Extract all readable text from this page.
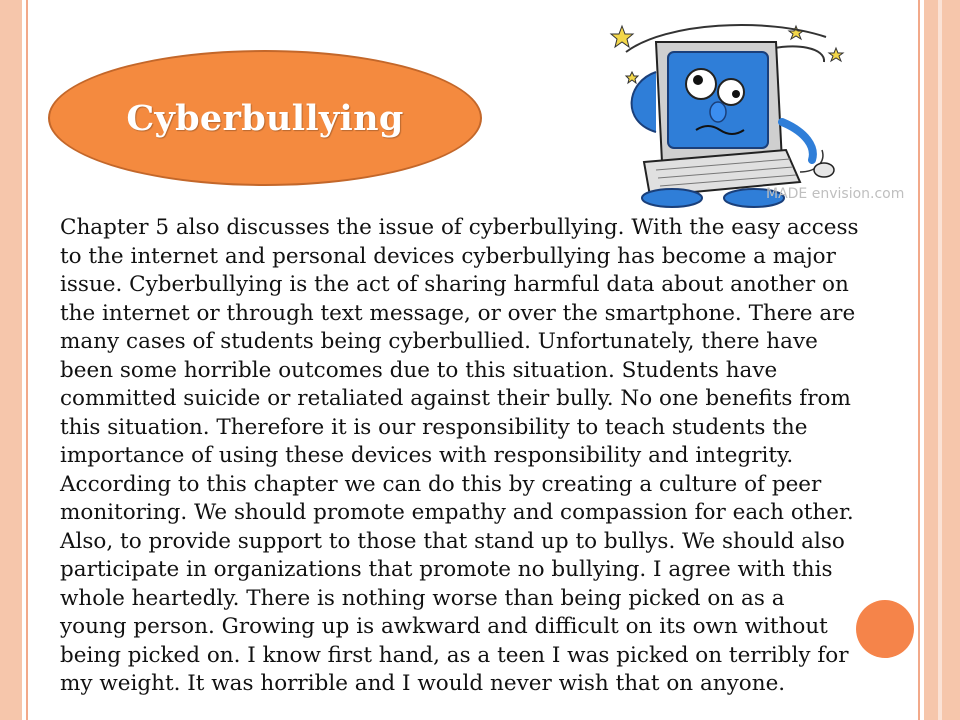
Cyberbullying
MADE envision.com
Chapter 5 also discusses the issue of cyberbullying. With the easy access
to the internet and personal devices cyberbullying has become a major
issue. Cyberbullying is the act of sharing harmful data about another on
the internet or through text message, or over the smartphone. There are
many cases of students being cyberbullied. Unfortunately, there have
been some horrible outcomes due to this situation. Students have
committed suicide or retaliated against their bully. No one benefits from
this situation. Therefore it is our responsibility to teach students the
importance of using these devices with responsibility and integrity.
According to this chapter we can do this by creating a culture of peer
monitoring. We should promote empathy and compassion for each other.
Also, to provide support to those that stand up to bullys. We should also
participate in organizations that promote no bullying. I agree with this
whole heartedly. There is nothing worse than being picked on as a
young person. Growing up is awkward and difficult on its own without
being picked on. I know first hand, as a teen I was picked on terribly for
my weight. It was horrible and I would never wish that on anyone.
